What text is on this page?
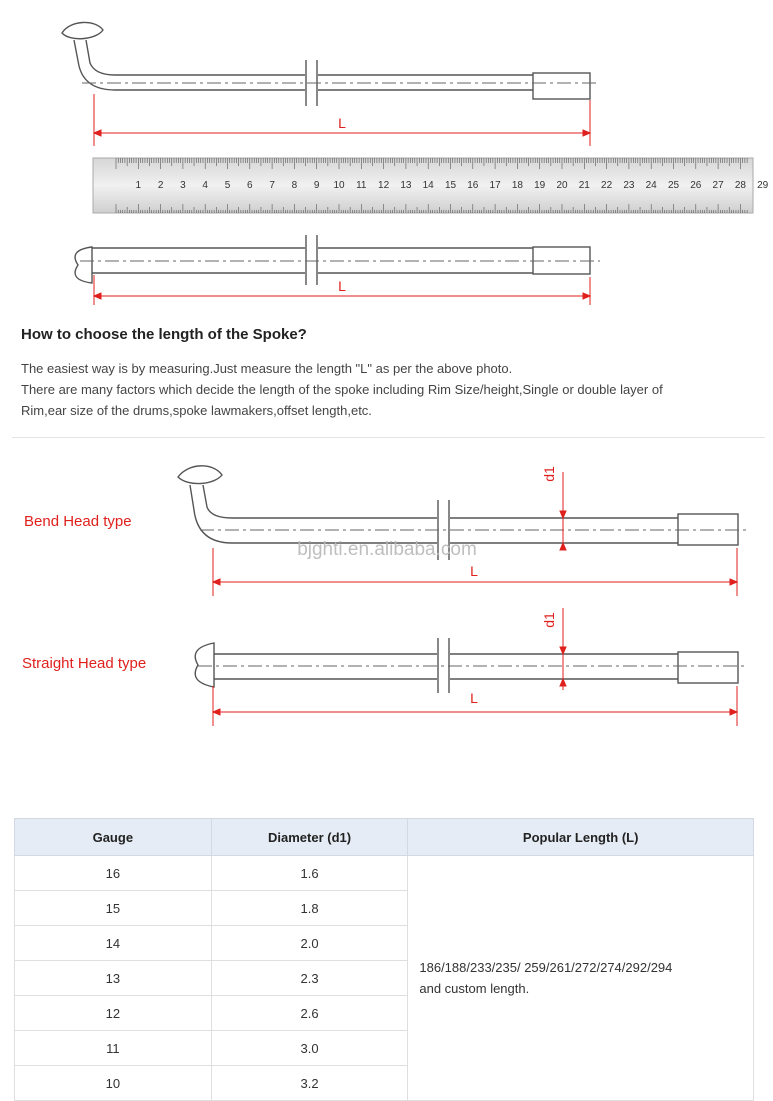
L
1 2 3 4 5 6 7 8 9 10 11 12 13 14 15 16 17 18 19 20 21 22 23 24 25 26 27 28 29
L
How to choose the length of the Spoke?
The easiest way is by measuring.Just measure the length "L" as per the above photo.
There are many factors which decide the length of the spoke including Rim Size/height,Single or double layer of
Rim,ear size of the drums,spoke lawmakers,offset length,etc.
Bend Head type
d1
L
bjghti.en.alibaba.com
Straight Head type
d1
L
Gauge	Diameter (d1)	Popular Length (L)
16	1.6	186/188/233/235/ 259/261/272/274/292/294
and custom length.

15	1.8	
14	2.0	
13	2.3	
12	2.6	
11	3.0	
10	3.2	
